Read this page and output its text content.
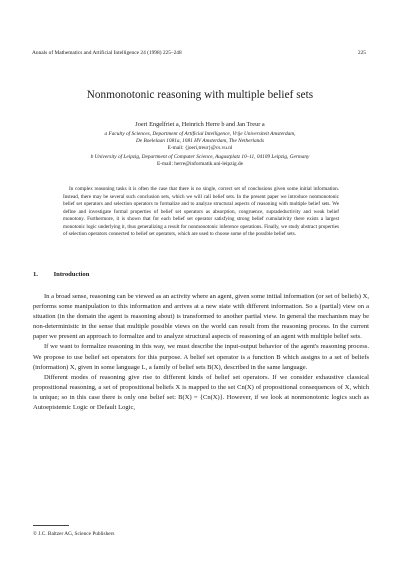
Annals of Mathematics and Artificial Intelligence 24 (1998) 225–248	225
Nonmonotonic reasoning with multiple belief sets
Joeri Engelfriet a, Heinrich Herre b and Jan Treur a
a Faculty of Sciences, Department of Artificial Intelligence, Vrije Universiteit Amsterdam,
De Boelelaan 1081a, 1081 HV Amsterdam, The Netherlands
E-mail: {joeri,treur}@cs.vu.nl
b University of Leipzig, Department of Computer Science, Augustplatz 10–11, 04109 Leipzig, Germany
E-mail: herre@informatik.uni-leipzig.de

In complex reasoning tasks it is often the case that there is no single, correct set of conclusions given some initial information. Instead, there may be several such conclusion sets, which we will call belief sets. In the present paper we introduce nonmonotonic belief set operators and selection operators to formalize and to analyze structural aspects of reasoning with multiple belief sets. We define and investigate formal properties of belief set operators as absorption, congruence, supradeductivity and weak belief monotony. Furthermore, it is shown that for each belief set operator satisfying strong belief cumulativity there exists a largest monotonic logic underlying it, thus generalizing a result for nonmonotonic inference operations. Finally, we study abstract properties of selection operators connected to belief set operators, which are used to choose some of the possible belief sets.

1. Introduction

In a broad sense, reasoning can be viewed as an activity where an agent, given some initial information (or set of beliefs) X, performs some manipulation to this information and arrives at a new state with different information. So a (partial) view on a situation (in the domain the agent is reasoning about) is transformed to another partial view. In general the mechanism may be non-deterministic in the sense that multiple possible views on the world can result from the reasoning process. In the current paper we present an approach to formalize and to analyze structural aspects of reasoning of an agent with multiple belief sets.

If we want to formalize reasoning in this way, we must describe the input-output behavior of the agent's reasoning process. We propose to use belief set operators for this purpose. A belief set operator is a function B which assigns to a set of beliefs (information) X, given in some language L, a family of belief sets B(X), described in the same language.

Different modes of reasoning give rise to different kinds of belief set operators. If we consider exhaustive classical propositional reasoning, a set of propositional beliefs X is mapped to the set Cn(X) of propositional consequences of X, which is unique; so in this case there is only one belief set: B(X) = {Cn(X)}. However, if we look at nonmonotonic logics such as Autoepistemic Logic or Default Logic,

© J.C. Baltzer AG, Science Publishers
